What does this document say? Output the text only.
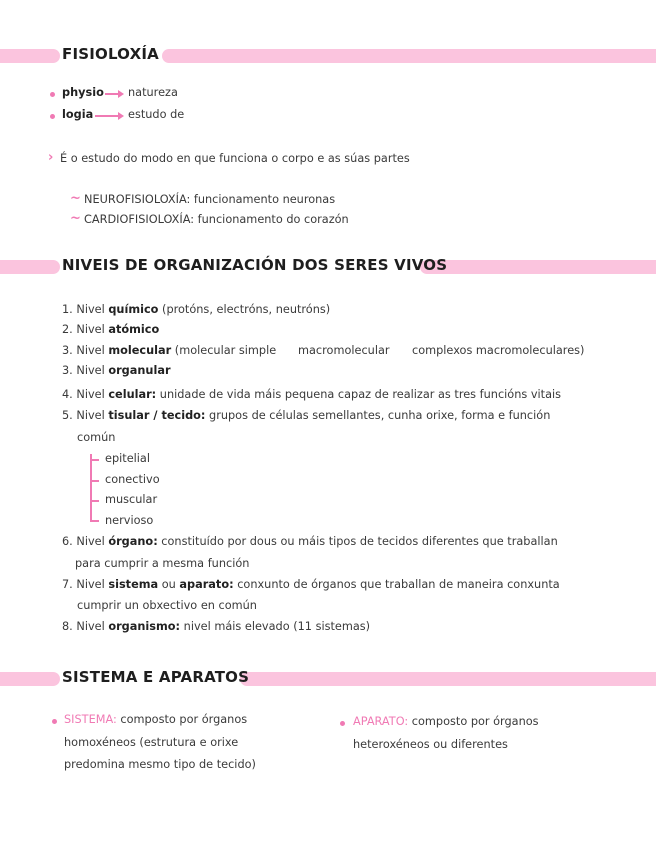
FISIOLOXÍA
physio natureza
logia	estudo de
› É o estudo do modo en que funciona o corpo e as súas partes
~ NEUROFISIOLOXÍA: funcionamento neuronas
~ CARDIOFISIOLOXÍA: funcionamento do corazón
NIVEIS DE ORGANIZACIÓN DOS SERES VIVOS
1. Nivel químico (protóns, electróns, neutróns)
2. Nivel atómico
3. Nivel molecular (molecular simple macromolecular complexos macromoleculares)
3. Nivel organular
4. Nivel celular: unidade de vida máis pequena capaz de realizar as tres funcións vitais
5. Nivel tisular / tecido: grupos de células semellantes, cunha orixe, forma e función
común
epitelial
conectivo
muscular
nervioso
6. Nivel órgano: constituído por dous ou máis tipos de tecidos diferentes que traballan
para cumprir a mesma función
7. Nivel sistema ou aparato: conxunto de órganos que traballan de maneira conxunta
cumprir un obxectivo en común
8. Nivel organismo: nivel máis elevado (11 sistemas)
SISTEMA E APARATOS
SISTEMA: composto por órganos
homoxéneos (estrutura e orixe
predomina mesmo tipo de tecido)
APARATO: composto por órganos
heteroxéneos ou diferentes
